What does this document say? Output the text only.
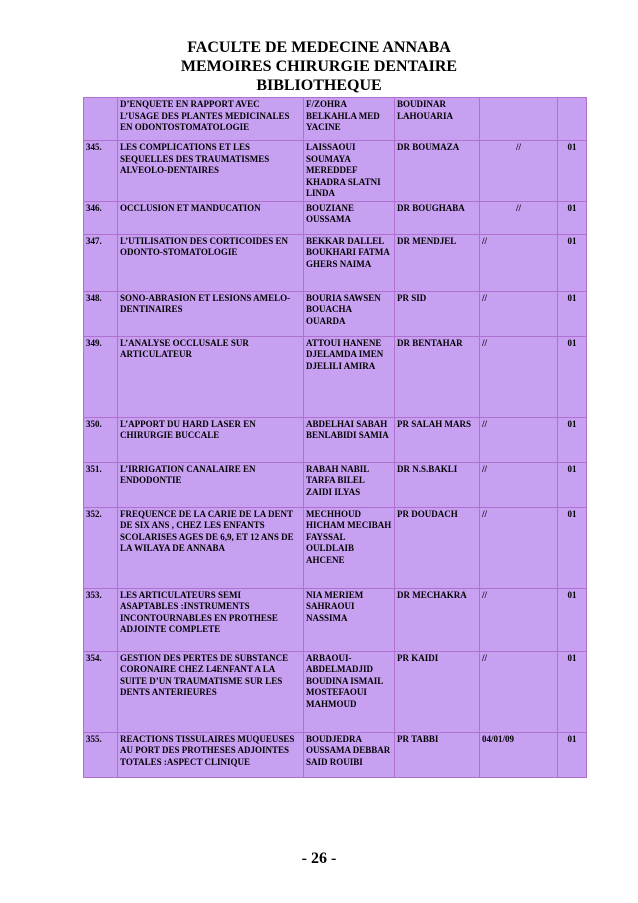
FACULTE DE MEDECINE ANNABA
MEMOIRES CHIRURGIE DENTAIRE
BIBLIOTHEQUE
	D’ENQUETE EN RAPPORT AVEC L’USAGE DES PLANTES MEDICINALES EN ODONTOSTOMATOLOGIE	F/ZOHRA BELKAHLA MED YACINE	BOUDINAR LAHOUARIA		
345.	LES COMPLICATIONS ET LES SEQUELLES DES TRAUMATISMES ALVEOLO-DENTAIRES	LAISSAOUI SOUMAYA MEREDDEF KHADRA SLATNI LINDA	DR BOUMAZA	//	01
346.	OCCLUSION ET MANDUCATION	BOUZIANE OUSSAMA	DR BOUGHABA	//	01
347.	L’UTILISATION DES CORTICOIDES EN ODONTO-STOMATOLOGIE	BEKKAR DALLEL BOUKHARI FATMA GHERS NAIMA	DR MENDJEL	//	01
348.	SONO-ABRASION ET LESIONS AMELO-DENTINAIRES	BOURIA SAWSEN BOUACHA OUARDA	PR SID	//	01
349.	L’ANALYSE OCCLUSALE SUR ARTICULATEUR	ATTOUI HANENE DJELAMDA IMEN DJELILI AMIRA	DR BENTAHAR	//	01
350.	L’APPORT DU HARD LASER EN CHIRURGIE BUCCALE	ABDELHAI SABAH BENLABIDI SAMIA	PR SALAH MARS	//	01
351.	L’IRRIGATION CANALAIRE EN ENDODONTIE	RABAH NABIL TARFA BILEL ZAIDI ILYAS	DR N.S.BAKLI	//	01
352.	FREQUENCE DE LA CARIE DE LA DENT DE SIX ANS , CHEZ LES ENFANTS SCOLARISES AGES DE 6,9, ET 12 ANS DE LA WILAYA DE ANNABA	MECHHOUD HICHAM MECIBAH FAYSSAL OULDLAIB AHCENE	PR DOUDACH	//	01
353.	LES ARTICULATEURS SEMI ASAPTABLES :INSTRUMENTS INCONTOURNABLES EN PROTHESE ADJOINTE COMPLETE	NIA MERIEM SAHRAOUI NASSIMA	DR MECHAKRA	//	01
354.	GESTION DES PERTES DE SUBSTANCE CORONAIRE CHEZ L4ENFANT A LA SUITE D’UN TRAUMATISME SUR LES DENTS ANTERIEURES	ARBAOUI-ABDELMADJID BOUDINA ISMAIL MOSTEFAOUI MAHMOUD	PR KAIDI	//	01
355.	REACTIONS TISSULAIRES MUQUEUSES AU PORT DES PROTHESES ADJOINTES TOTALES :ASPECT CLINIQUE	BOUDJEDRA OUSSAMA DEBBAR SAID ROUIBI	PR TABBI	04/01/09	01
- 26 -
